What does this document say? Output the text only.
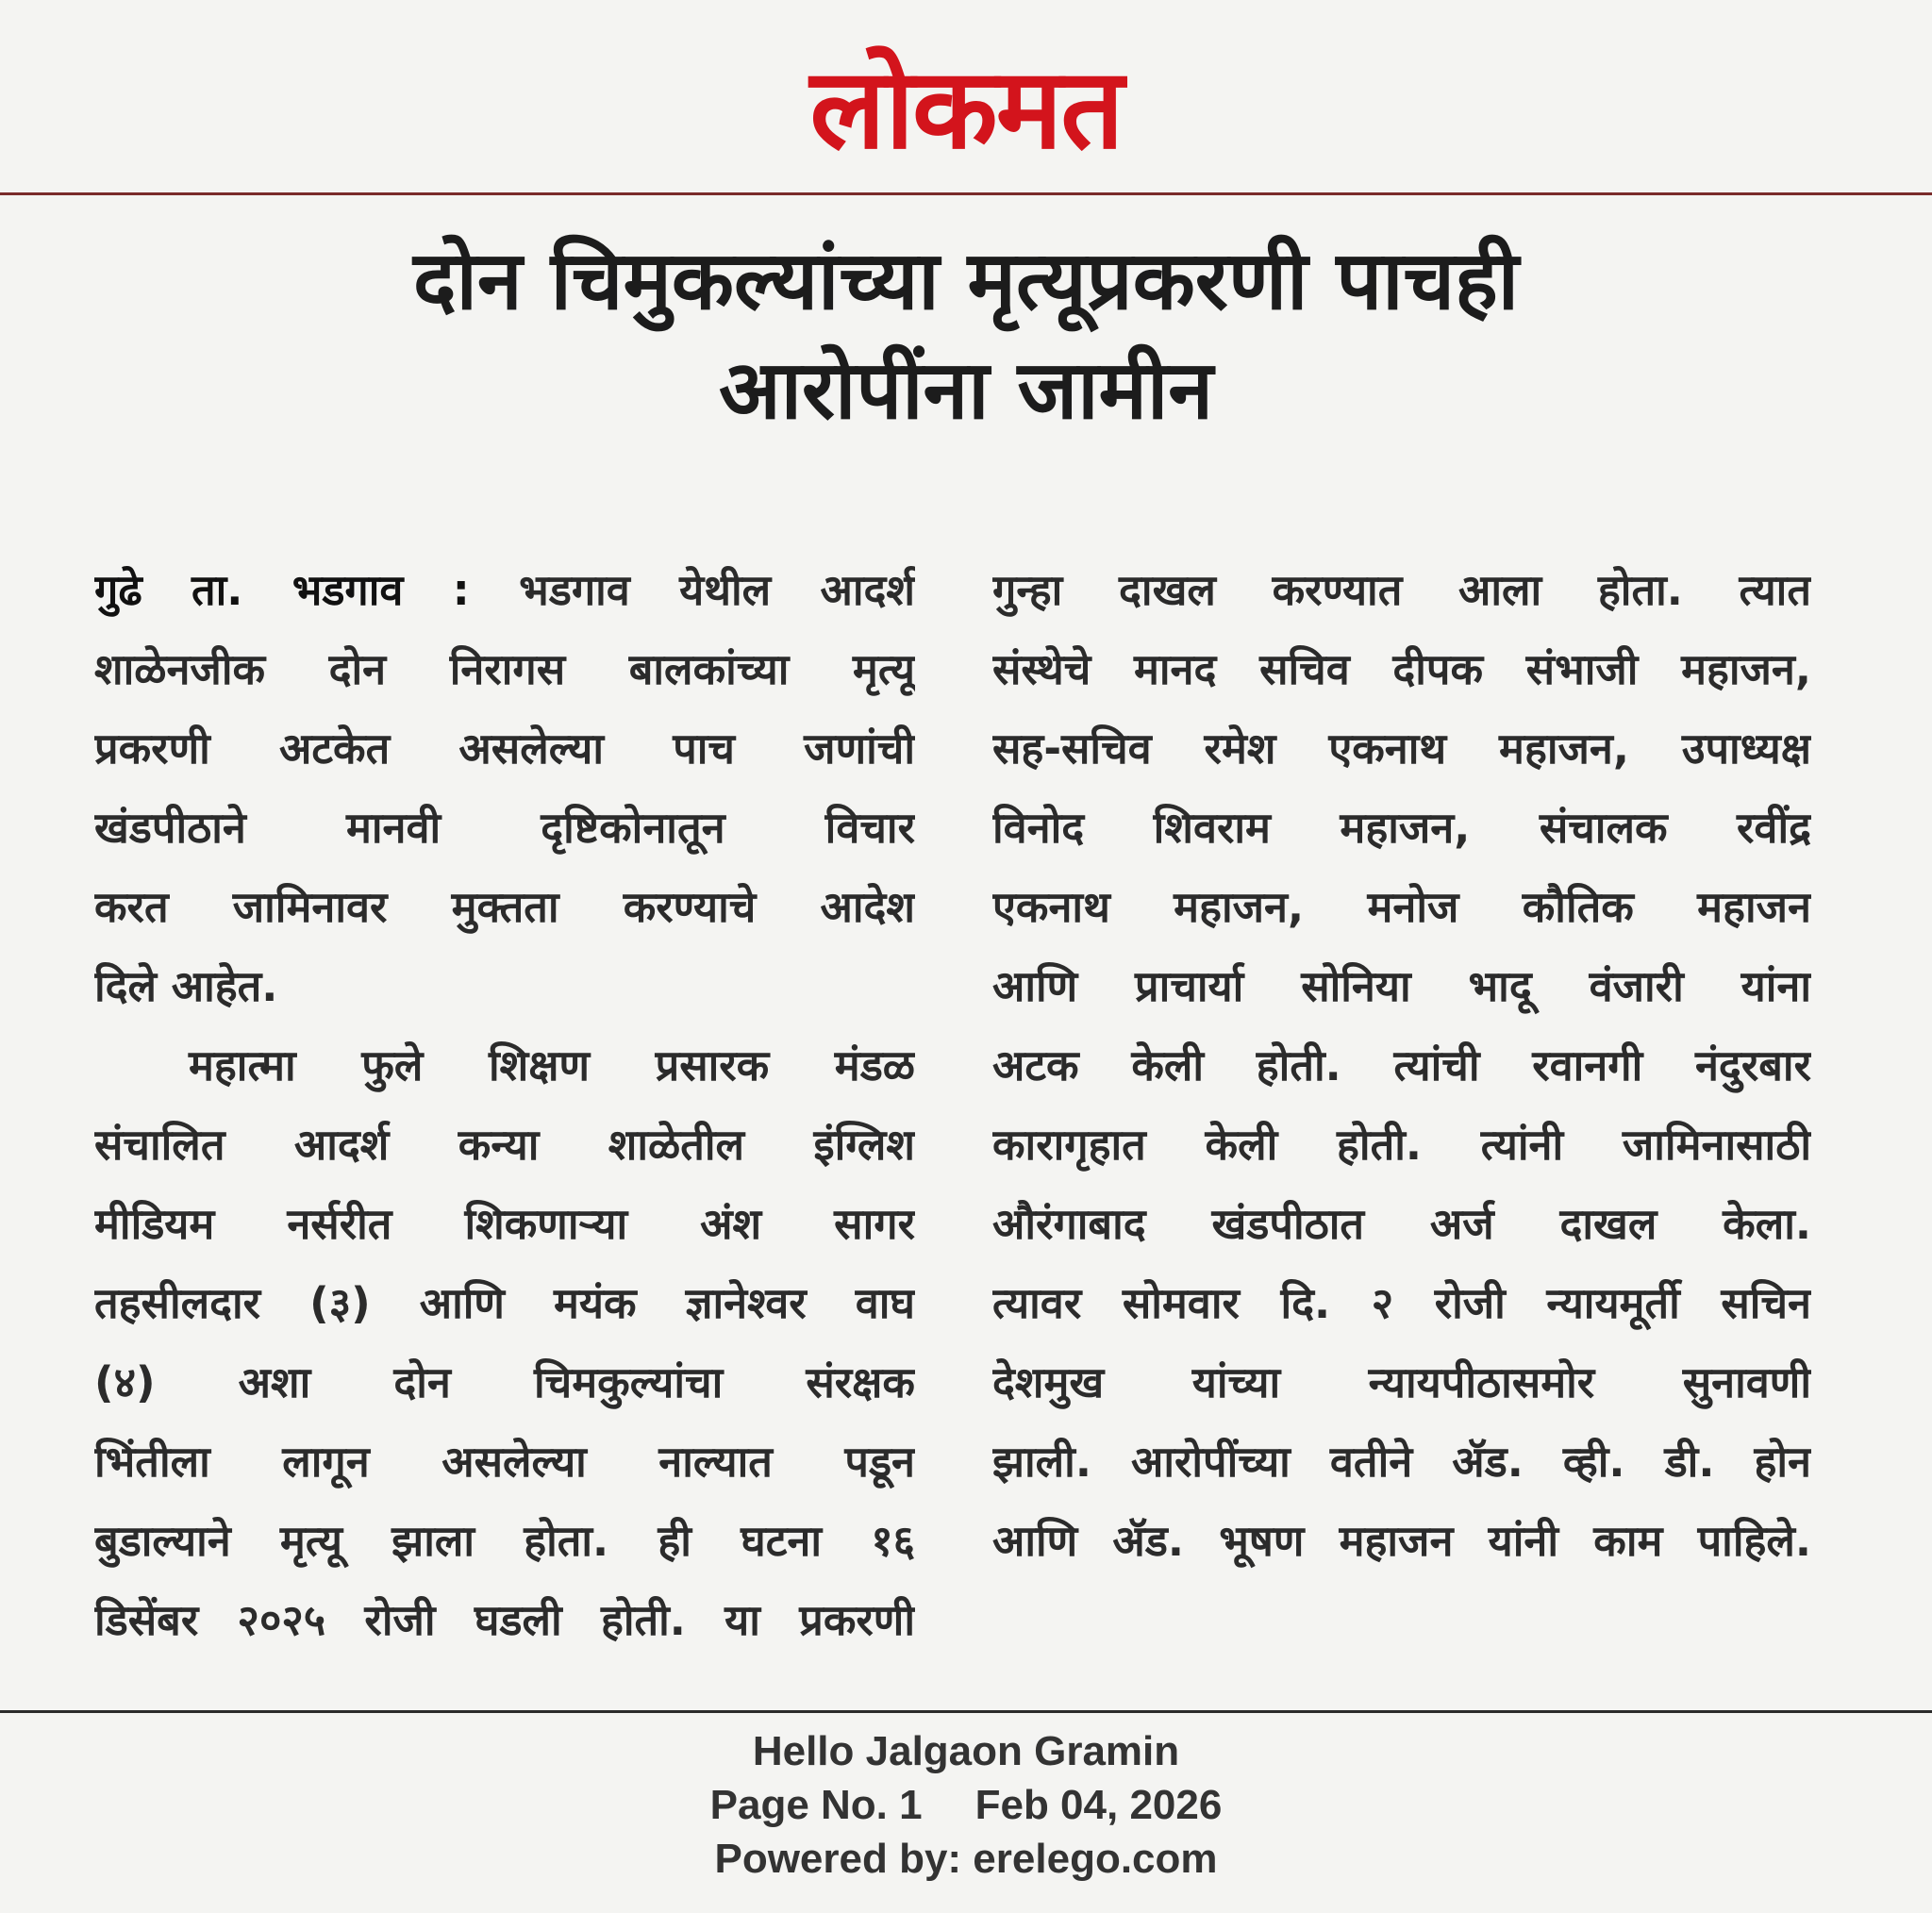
लोकमत
दोन चिमुकल्यांच्या मृत्यूप्रकरणी पाचही
आरोपींना जामीन
गुढे ता. भडगाव : भडगाव येथील आदर्श
शाळेनजीक दोन निरागस बालकांच्या मृत्यू
प्रकरणी अटकेत असलेल्या पाच जणांची
खंडपीठाने मानवी दृष्टिकोनातून विचार
करत जामिनावर मुक्तता करण्याचे आदेश
दिले आहेत.
महात्मा फुले शिक्षण प्रसारक मंडळ
संचालित आदर्श कन्या शाळेतील इंग्लिश
मीडियम नर्सरीत शिकणाऱ्या अंश सागर
तहसीलदार (३) आणि मयंक ज्ञानेश्वर वाघ
(४) अशा दोन चिमकुल्यांचा संरक्षक
भिंतीला लागून असलेल्या नाल्यात पडून
बुडाल्याने मृत्यू झाला होता. ही घटना १६
डिसेंबर २०२५ रोजी घडली होती. या प्रकरणी
गुन्हा दाखल करण्यात आला होता. त्यात
संस्थेचे मानद सचिव दीपक संभाजी महाजन,
सह-सचिव रमेश एकनाथ महाजन, उपाध्यक्ष
विनोद शिवराम महाजन, संचालक रवींद्र
एकनाथ महाजन, मनोज कौतिक महाजन
आणि प्राचार्या सोनिया भादू वंजारी यांना
अटक केली होती. त्यांची रवानगी नंदुरबार
कारागृहात केली होती. त्यांनी जामिनासाठी
औरंगाबाद खंडपीठात अर्ज दाखल केला.
त्यावर सोमवार दि. २ रोजी न्यायमूर्ती सचिन
देशमुख यांच्या न्यायपीठासमोर सुनावणी
झाली. आरोपींच्या वतीने ॲड. व्ही. डी. होन
आणि ॲड. भूषण महाजन यांनी काम पाहिले.
Hello Jalgaon Gramin
Page No. 1 Feb 04, 2026
Powered by: erelego.com
